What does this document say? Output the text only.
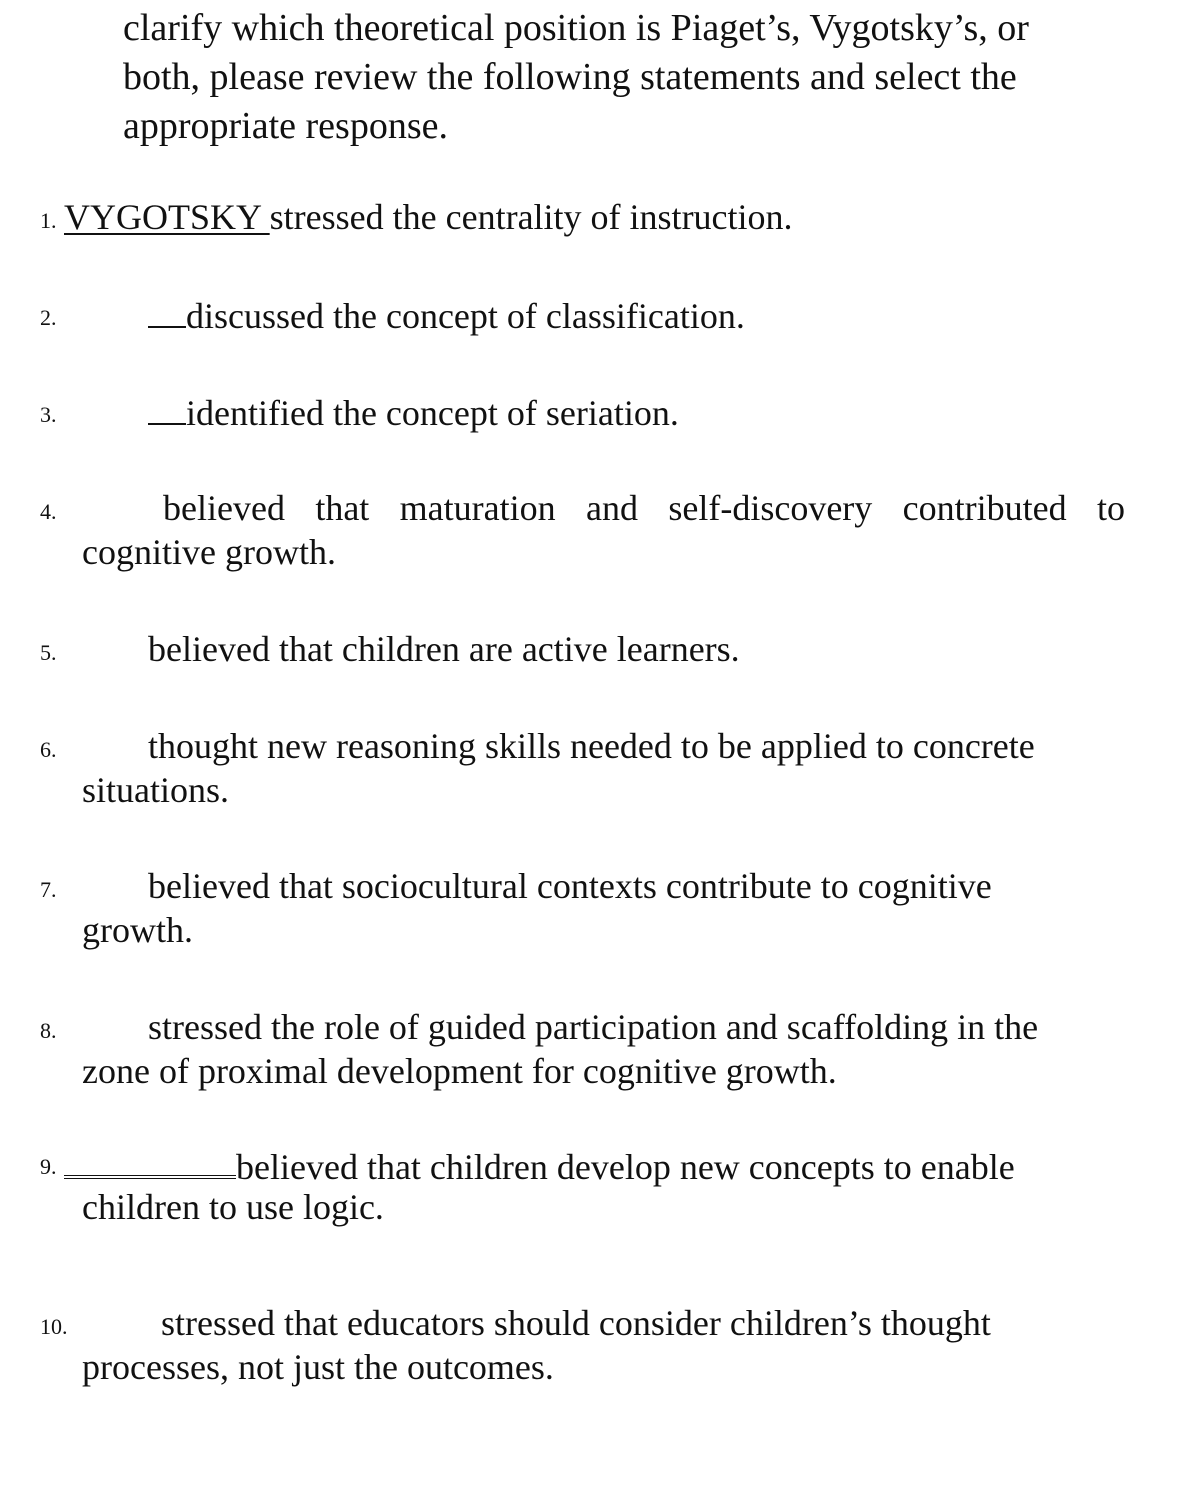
clarify which theoretical position is Piaget’s, Vygotsky’s, or
both, please review the following statements and select the
appropriate response.
1. VYGOTSKY stressed the centrality of instruction.
2.	discussed the concept of classification.
3.	identified the concept of seriation.
4.	believed that maturation and self-discovery contributed to
cognitive growth.
5.	believed that children are active learners.
6.	thought new reasoning skills needed to be applied to concrete
situations.
7.	believed that sociocultural contexts contribute to cognitive
growth.
8.	stressed the role of guided participation and scaffolding in the
zone of proximal development for cognitive growth.
9.	believed that children develop new concepts to enable
children to use logic.
10.	stressed that educators should consider children’s thought
processes, not just the outcomes.
